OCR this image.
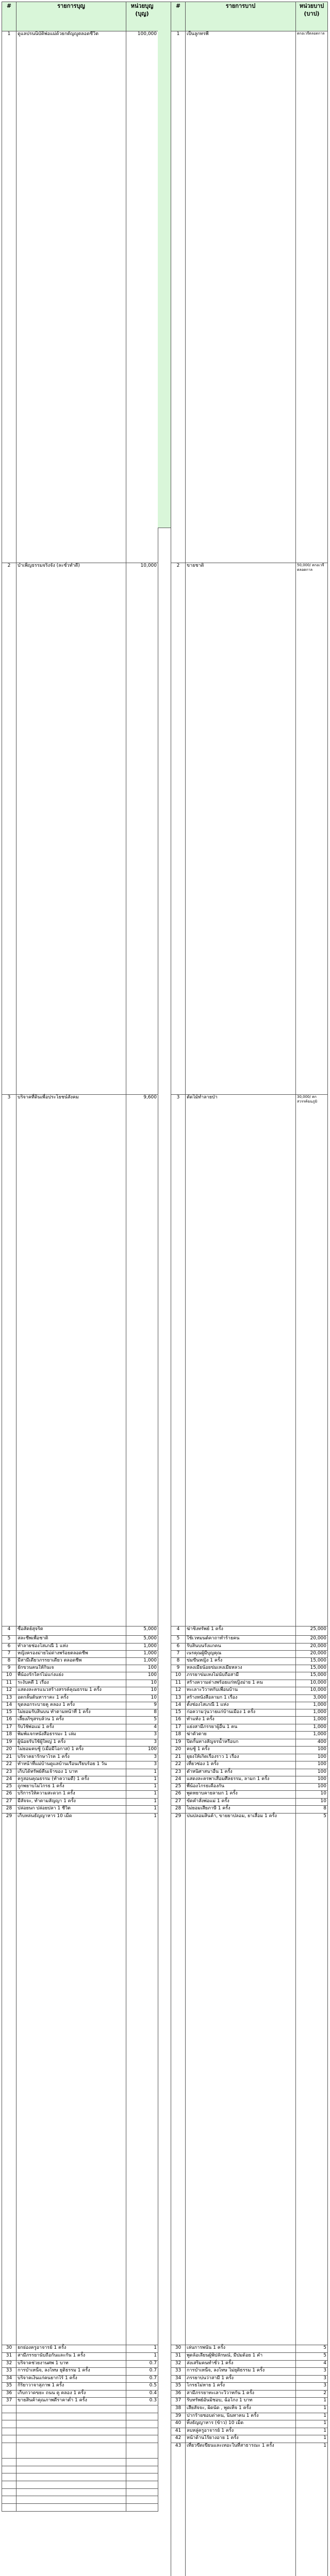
#	รายการบุญ	หน่วยบุญ (บุญ)
1	ดูแลปรนนิบัติพ่อแม่ด้วยกตัญญูตลอดชีวิต	100,000
2	บำเพ็ญธรรมจริงจัง (ละชั่วทำดี)	10,000
3	บริจาคที่ดินเพื่อประโยชน์สังคม	9,600
4	ซื่อสัตย์สุจริต	5,000
5	สละชีพเพื่อชาติ	5,000
6	ทำลายช่องโสเภณี 1 แห่ง	1,000
7	หญิงครองม่ายไม่ด่างพร้อยตลอดชีพ	1,000
8	มีสามีเดียวภรรยาเดียว ตลอดชีพ	1,000
9	ยักขวนคนให้กินเจ	100
10	พี่น้องรักใคร่ไม่แก่งแย่ง	100
11	ระงับคดี 1 เรื่อง	10
12	แสดงละครแนวสร้างสรรค์คุณธรรม 1 ครั้ง	10
13	อดกลั้นต้นหาราคะ 1 ครั้ง	10
14	ขุดลอกระบายคู คลอง 1 ครั้ง	9
15	ไม่ยอมรับสินบน ทำตามหน้าที่ 1 ครั้ง	8
16	เลี้ยงภิขุสรบล้วน 1 ครั้ง	5
17	รับใช้พ่อแม่ 1 ครั้ง	4
18	พิมพ์แจกหนังสือธรรมะ 1 เล่ม	3
19	ผู้น้อยรับใช้ผู้ใหญ่ 1 ครั้ง	3
20	ไม่ยอมคบชู้ (เมื่อมีโอกาส) 1 ครั้ง	100
21	บริจาคยารักษาโรค 1 ครั้ง	3
22	ทำหน้าที่แม่บ้านดูแลบ้านเรือนเรียบร้อย 1 วัน	3
23	เก็บได้ทรัพย์คืนเจ้าของ 1 บาท	1
24	ครูสอนคุณธรรม (ทำความดี) 1 ครั้ง	1
25	ถูกพยาบไม่โกรธ 1 ครั้ง	1
26	บริการให้ความสะดวก 1 ครั้ง	1
27	มีสัจจะ, ทำตามสัญญา 1 ครั้ง	1
28	ปล่อยนก ปล่อยปลา 1 ชีวิต	1
29	เก็บหล่นธัญญาหาร 10 เม็ด	1
30	ยกย่องครูอาจารย์ 1 ครั้ง	1
31	สามีภรรยานับถือกันและกัน 1 ครั้ง	1
32	บริจาคช่วยงานศพ 1 บาท	0.7
33	การบำเหน็จ, ลงโทษ ยุติธรรม 1 ครั้ง	0.7
34	บริจาคเงินแก่คนยากไร้ 1 ครั้ง	0.7
35	กิริยาวาจาสุภาพ 1 ครั้ง	0.5
36	เก็บกวาดขยะ ถนน คู คลอง 1 ครั้ง	0.4
37	ขายสินค้าคุณภาพดีราคาต่ำ 1 ครั้ง	0.3

#	รายการบาป	หน่วยบาป (บาป)
1	เป็นลูกทรพี	ตกอเวจีตลอดกาล
2	ขายชาติ	50,000/ ตกอเวจีตลอดกาล
3	ตัดไม้ทำลายป่า	30,000/ ตกสวรรค์ฉนภูมิ
4	ฆ่าชิงทรัพย์ 1 ครั้ง	25,000
5	ใช้เวทมนต์คาถาทำร้ายคน	20,000
6	รับสินบนรังแกคน	20,000
7	เนรคุณผู้มีบุญคุณ	20,000
8	ข่มขืนหญิง 1 ครั้ง	15,000
9	หลงเมียน้อยข่มเหงเมียหลวง	15,000
10	ภรรยาข่มเหงไม่นับถือสามี	15,000
11	สร้างความด่างพร้อยแก่หญิงม่าย 1 คน	10,000
12	ทะเลาะวิวาทกับเพื่อนบ้าน	10,000
13	สร้างหนังสือลามก 1 เรื่อง	3,000
14	ตั้งช่องโสเภณี 1 แห่ง	1,000
15	ก่อความวุ่นวายแก่บ้านเมือง 1 ครั้ง	1,000
16	ทำแท้ง 1 ครั้ง	1,000
17	แย่งสามีภรรยาผู้อื่น 1 คน	1,000
18	ฆ่าตัวตาย	1,000
19	ปิดกั้นทางสัญจรน้ำหรือบก	400
20	คบชู้ 1 ครั้ง	100
21	ยุยงให้เกิดเรื่องราว 1 เรื่อง	100
22	เที่ยวซ่อง 1 ครั้ง	100
23	ตำหนิศาสนาอื่น 1 ครั้ง	100
24	แสดงละครพาเสื่อมศีลธรรม, ลามก 1 ครั้ง	100
25	พี่น้องโกรธเคืองกัน	100
26	พูดหยาบคายลามก 1 ครั้ง	10
27	ขัดคำสั่งพ่อแม่ 1 ครั้ง	10
28	ไม่ยอมเสียภาษี 1 ครั้ง	8
29	ปนปลอมสินค้า, ขายยาปลอม, ยาเสื่อม 1 ครั้ง	5
30	เล่นการพนัน 1 ครั้ง	5
31	พูดล้อเลียนผู้พิปลักษณ์, มีปมด้อย 1 คำ	5
32	ส่งเสริมคนทำชั่ว 1 ครั้ง	4
33	การบำเหน็จ, ลงโทษ ไม่ยุติธรรม 1 ครั้ง	3
34	ภรรยาบ่นว่าสามี 1 ครั้ง	3
35	โกรธไม่หาย 1 ครั้ง	3
36	สามีภรรยาทะเลาะวิวาทกัน 1 ครั้ง	2
37	รับทรัพย์อันมิชอบ, ฉ้อโกง 1 บาท	1
38	เสียสัจจะ, ผิดนัด , พูดเท็จ 1 ครั้ง	1
39	ปากร้ายชอบด่าคน, นินทาคน 1 ครั้ง	1
40	ทิ้งธัญญาหาร (ข้าว) 10 เม็ด	1
41	ลบหลู่ครูอาจารย์ 1 ครั้ง	1
42	หน้าด้านไร้ยางอาย 1 ครั้ง	1
43	เที่ยวขีดเขียนและเทอะในที่สาธารณะ 1 ครั้ง	1
